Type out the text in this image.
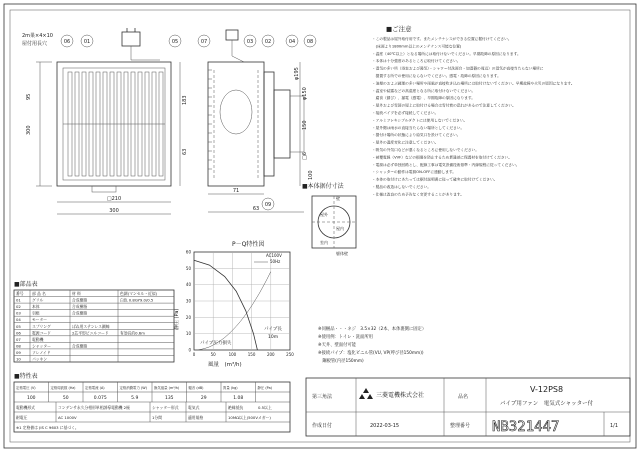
2m巣×4×10
屋付用長穴	06	01	05
95
300
183
63
□210
300
07	03 02	04 08
09
71
63
φ195
φ150
150
□6
100
■本体据付寸法
壁
屋外
屋内
室内
躯体壁
P－Q特性図
60
50
40
30
20
10
0
0	50	100	150	200	250
AC100V
50Hz
パイプ長
10m
パイプ圧力損失
静圧 (Pa)
風量　(m³/h)
■部品表
番号 部 品 名	材 料	色調(マンセル・近似)
01	グリル	合成樹脂	白色 0.8GY9.0/0.5
02	本体	合成樹脂
03	羽根	合成樹脂
04	モーター
05	スプリング	ばね用ステンレス鋼線
06	電源コード	2芯平形ビニルコード	有効長約0.6m
07	電動機
08	シャッター	合成樹脂
09	ソレノイド
10	パッキン
■特性表
定格電圧 (V)	定格周波数 (Hz)	定格電流 (A)	定格消費電力 (W) 換気風量 (m³/h)	騒音 (dB)	質量 (kg)	静圧 (Pa)
100	50	0.075	5.9	135	29	1.08
電動機形式	コンデンサ永久分相形単相誘導電動機 2極	シャッター形式 電気式	絶縁抵抗	0.5以上
耐電圧	AC 1000V	1分間	適用規格	10MΩ以上(500Vメガー)
※1 定格値は JIS C 9603 に基づく。
■ご注意
・この製品は屋外取付用です。またメンテナンスができる位置に据付けてください。
　(床面より1800mm以上のメンテナンス可能な位置)
・温度（40℃以上）となる場所には取付けないでください。早期故障の原因になります。
・本体は十分強度のあるところに取付けてください。
・湿気の多い所（浴室および湯気）・シャワー付洗面台・加湿器の周辺）の湿気が直接当たらない場所に
　据置する所での使用にならないでください。感電・故障の原因になります。
・油煙のおよぶ調理の多い場所や雨風が直接吹き込む場所には取付けないでください。早期故障や火災の原因になります。
・温室や結露などの高湿度となる所に取付けないでください。
　腐食（錆び）、漏電（感電）、早期故障の原因になります。
・屋外および雪国の屋上に取付ける場合は雪付着の恐れがあるので注意してください。
・接続パイプを必ず接続してください。
・アルミフレキシブルダクトには使用しないでください。
・屋外側は雨水の直接当たらない場所としてください。
・据付け場所の状態により給気口を設けてください。
・屋外の温度変化に注意してください。
・吸気の外気口などが悪くなるところに使用しないでください。
・被覆電線（VVF）などの損傷を防止するため貫通部に保護材を取付けてください。
・電源は必ず単独回路とし、配線工事は電気設備技術基準・内線規程に従ってください。
・シャッターの動作は電源ON-OFFに連動します。
・本体の取付けにあたっては据付説明書に従って確実に取付けてください。
・製品の改造はしないでください。
・仕様は改良のため予告なく変更することがあります。
※同梱品・・・ネジ　3.5×32（2本、本体裏側に固定）
※使用例：トイレ・洗面所用
※天井、壁面付可能
※接続パイプ：塩化ビニル管(VU, VP(呼び径150mm))
　鋼板管(内径150mm)
第三角法
作成日付	2022-03-15
三菱電機株式会社	品名
整理番号
V-12PS8
パイプ用ファン　電気式シャッター付
NB321447	1/1
